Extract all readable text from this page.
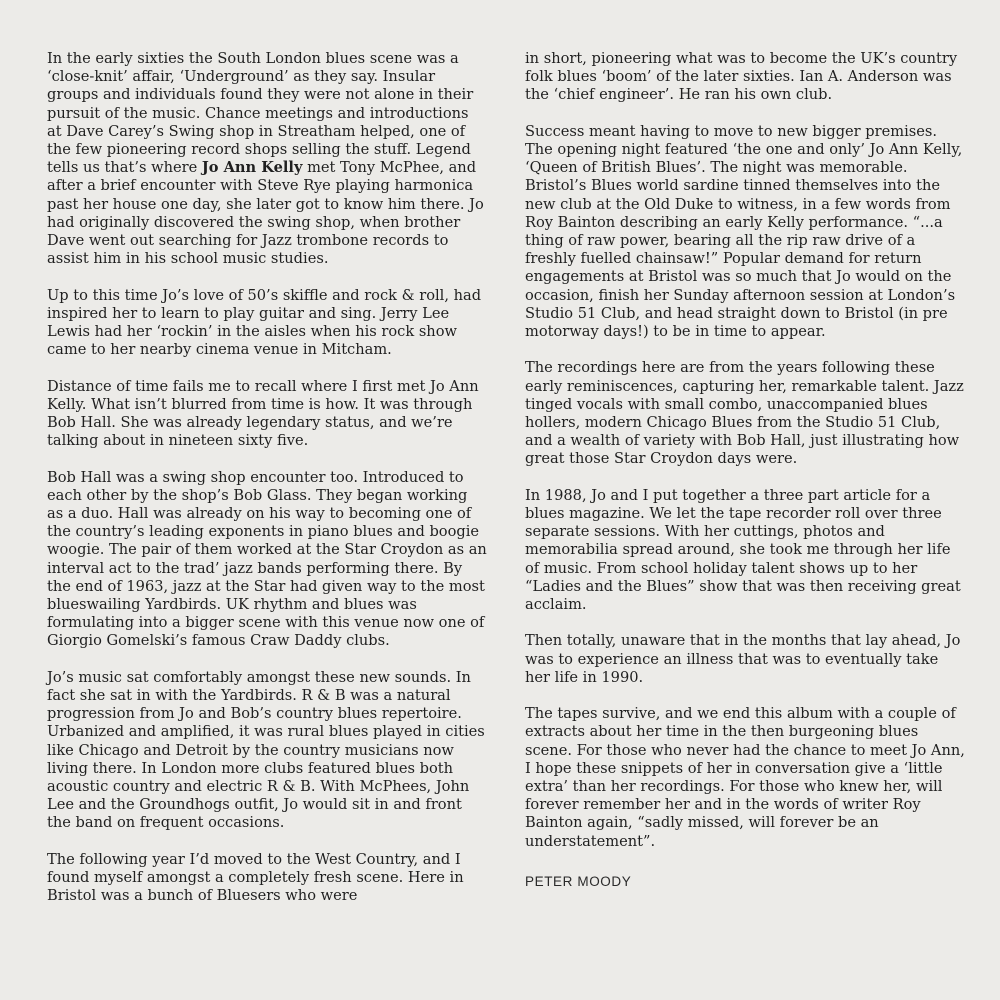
In the early sixties the South London blues scene was a ‘close-knit’ affair, ‘Underground’ as they say. Insular groups and individuals found they were not alone in their pursuit of the music. Chance meetings and introductions at Dave Carey’s Swing shop in Streatham helped, one of the few pioneering record shops selling the stuff. Legend tells us that’s where Jo Ann Kelly met Tony McPhee, and after a brief encounter with Steve Rye playing harmonica past her house one day, she later got to know him there. Jo had originally discovered the swing shop, when brother Dave went out searching for Jazz trombone records to assist him in his school music studies.

Up to this time Jo’s love of 50’s skiffle and rock & roll, had inspired her to learn to play guitar and sing. Jerry Lee Lewis had her ‘rockin’ in the aisles when his rock show came to her nearby cinema venue in Mitcham.

Distance of time fails me to recall where I first met Jo Ann Kelly. What isn’t blurred from time is how. It was through Bob Hall. She was already legendary status, and we’re talking about in nineteen sixty five.

Bob Hall was a swing shop encounter too. Introduced to each other by the shop’s Bob Glass. They began working as a duo. Hall was already on his way to becoming one of the country’s leading exponents in piano blues and boogie woogie. The pair of them worked at the Star Croydon as an interval act to the trad’ jazz bands performing there. By the end of 1963, jazz at the Star had given way to the most blueswailing Yardbirds. UK rhythm and blues was formulating into a bigger scene with this venue now one of Giorgio Gomelski’s famous Craw Daddy clubs.

Jo’s music sat comfortably amongst these new sounds. In fact she sat in with the Yardbirds. R & B was a natural progression from Jo and Bob’s country blues repertoire. Urbanized and amplified, it was rural blues played in cities like Chicago and Detroit by the country musicians now living there. In London more clubs featured blues both acoustic country and electric R & B. With McPhees, John Lee and the Groundhogs outfit, Jo would sit in and front the band on frequent occasions.

The following year I’d moved to the West Country, and I found myself amongst a completely fresh scene. Here in Bristol was a bunch of Bluesers who were

in short, pioneering what was to become the UK’s country folk blues ‘boom’ of the later sixties. Ian A. Anderson was the ‘chief engineer’. He ran his own club.

Success meant having to move to new bigger premises. The opening night featured ‘the one and only’ Jo Ann Kelly, ‘Queen of British Blues’. The night was memorable. Bristol’s Blues world sardine tinned themselves into the new club at the Old Duke to witness, in a few words from Roy Bainton describing an early Kelly performance. “...a thing of raw power, bearing all the rip raw drive of a freshly fuelled chainsaw!” Popular demand for return engagements at Bristol was so much that Jo would on the occasion, finish her Sunday afternoon session at London’s Studio 51 Club, and head straight down to Bristol (in pre motorway days!) to be in time to appear.

The recordings here are from the years following these early reminiscences, capturing her, remarkable talent. Jazz tinged vocals with small combo, unaccompanied blues hollers, modern Chicago Blues from the Studio 51 Club, and a wealth of variety with Bob Hall, just illustrating how great those Star Croydon days were.

In 1988, Jo and I put together a three part article for a blues magazine. We let the tape recorder roll over three separate sessions. With her cuttings, photos and memorabilia spread around, she took me through her life of music. From school holiday talent shows up to her “Ladies and the Blues” show that was then receiving great acclaim.

Then totally, unaware that in the months that lay ahead, Jo was to experience an illness that was to eventually take her life in 1990.

The tapes survive, and we end this album with a couple of extracts about her time in the then burgeoning blues scene. For those who never had the chance to meet Jo Ann, I hope these snippets of her in conversation give a ‘little extra’ than her recordings. For those who knew her, will forever remember her and in the words of writer Roy Bainton again, “sadly missed, will forever be an understatement”.

PETER MOODY
